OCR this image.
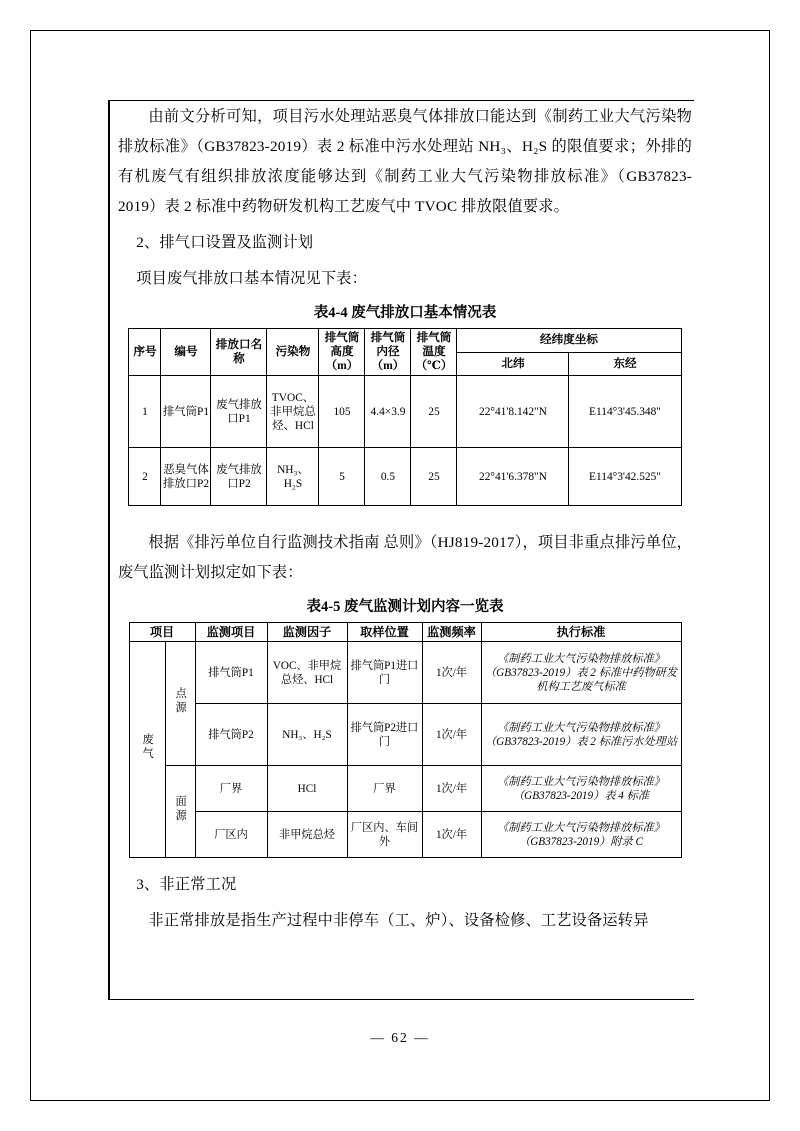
由前文分析可知，项目污水处理站恶臭气体排放口能达到《制药工业大气污染物排放标准》（GB37823-2019）表 2 标准中污水处理站 NH₃、H₂S 的限值要求；外排的有机废气有组织排放浓度能够达到《制药工业大气污染物排放标准》（GB37823-2019）表 2 标准中药物研发机构工艺废气中 TVOC 排放限值要求。

2、排气口设置及监测计划

项目废气排放口基本情况见下表：

表4-4 废气排放口基本情况表
序号	编号	排放口名称	污染物	排气筒高度（m）	排气筒内径（m）	排气筒温度（℃）	经纬度坐标	
							北纬	东经
1	排气筒P1	废气排放口P1	TVOC、非甲烷总烃、HCl	105	4.4×3.9	25	22°41'8.142"N	E114°3'45.348"
2	恶臭气体排放口P2	废气排放口P2	NH₃、H₂S	5	0.5	25	22°41'6.378"N	E114°3'42.525"

根据《排污单位自行监测技术指南 总则》（HJ819-2017），项目非重点排污单位，废气监测计划拟定如下表：

表4-5 废气监测计划内容一览表
项目		监测项目	监测因子	取样位置	监测频率	执行标准
废气	点源	排气筒P1	VOC、非甲烷总烃、HCl	排气筒P1进口门	1次/年	《制药工业大气污染物排放标准》（GB37823-2019）表 2 标准中药物研发机构工艺废气标准
		排气筒P2	NH₃、H₂S	排气筒P2进口门	1次/年	《制药工业大气污染物排放标准》（GB37823-2019）表 2 标准污水处理站
	面源	厂界	HCl	厂界	1次/年	《制药工业大气污染物排放标准》（GB37823-2019）表 4 标准
		厂区内	非甲烷总烃	厂区内、车间外	1次/年	《制药工业大气污染物排放标准》（GB37823-2019）附录 C

3、非正常工况

非正常排放是指生产过程中非停车（工、炉）、设备检修、工艺设备运转异

— 62 —
